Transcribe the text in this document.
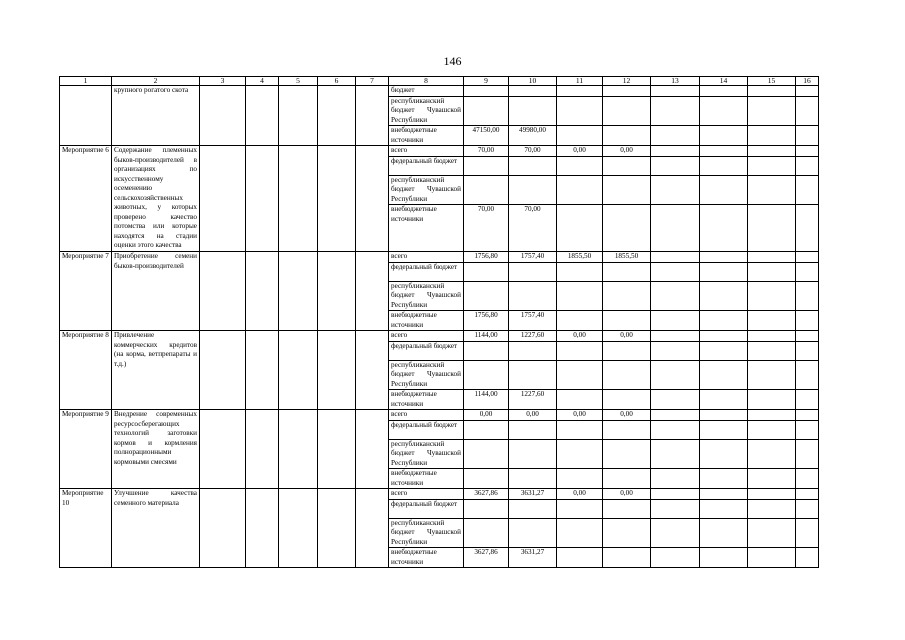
146
1	2	3	4	5	6	7	8	9	10	11	12	13	14	15	16
	крупного рогатого скота						бюджет								
							республиканский бюджет Чувашской Республики								
							внебюджетные источники	47150,00	49980,00						
Мероприятие 6	Содержание племенных быков-производителей в организациях по искусственному осеменению сельскохозяйственных животных, у которых проверено качество потомства или которые находятся на стадии оценки этого качества						всего	70,00	70,00	0,00	0,00				
							федеральный бюджет								
							республиканский бюджет Чувашской Республики								
							внебюджетные источники	70,00	70,00						
Мероприятие 7	Приобретение семени быков-производителей						всего	1756,80	1757,40	1855,50	1855,50				
							федеральный бюджет								
							республиканский бюджет Чувашской Республики								
							внебюджетные источники	1756,80	1757,40						
Мероприятие 8	Привлечение коммерческих кредитов (на корма, ветпрепараты и т.д.)						всего	1144,00	1227,60	0,00	0,00				
							федеральный бюджет								
							республиканский бюджет Чувашской Республики								
							внебюджетные источники	1144,00	1227,60						
Мероприятие 9	Внедрение современных ресурсосберегающих технологий заготовки кормов и кормления полнорационными кормовыми смесями						всего	0,00	0,00	0,00	0,00				
							федеральный бюджет								
							республиканский бюджет Чувашской Республики								
							внебюджетные источники								
Мероприятие 10	Улучшение качества семенного материала						всего	3627,86	3631,27	0,00	0,00				
							федеральный бюджет								
							республиканский бюджет Чувашской Республики								
							внебюджетные источники	3627,86	3631,27						
